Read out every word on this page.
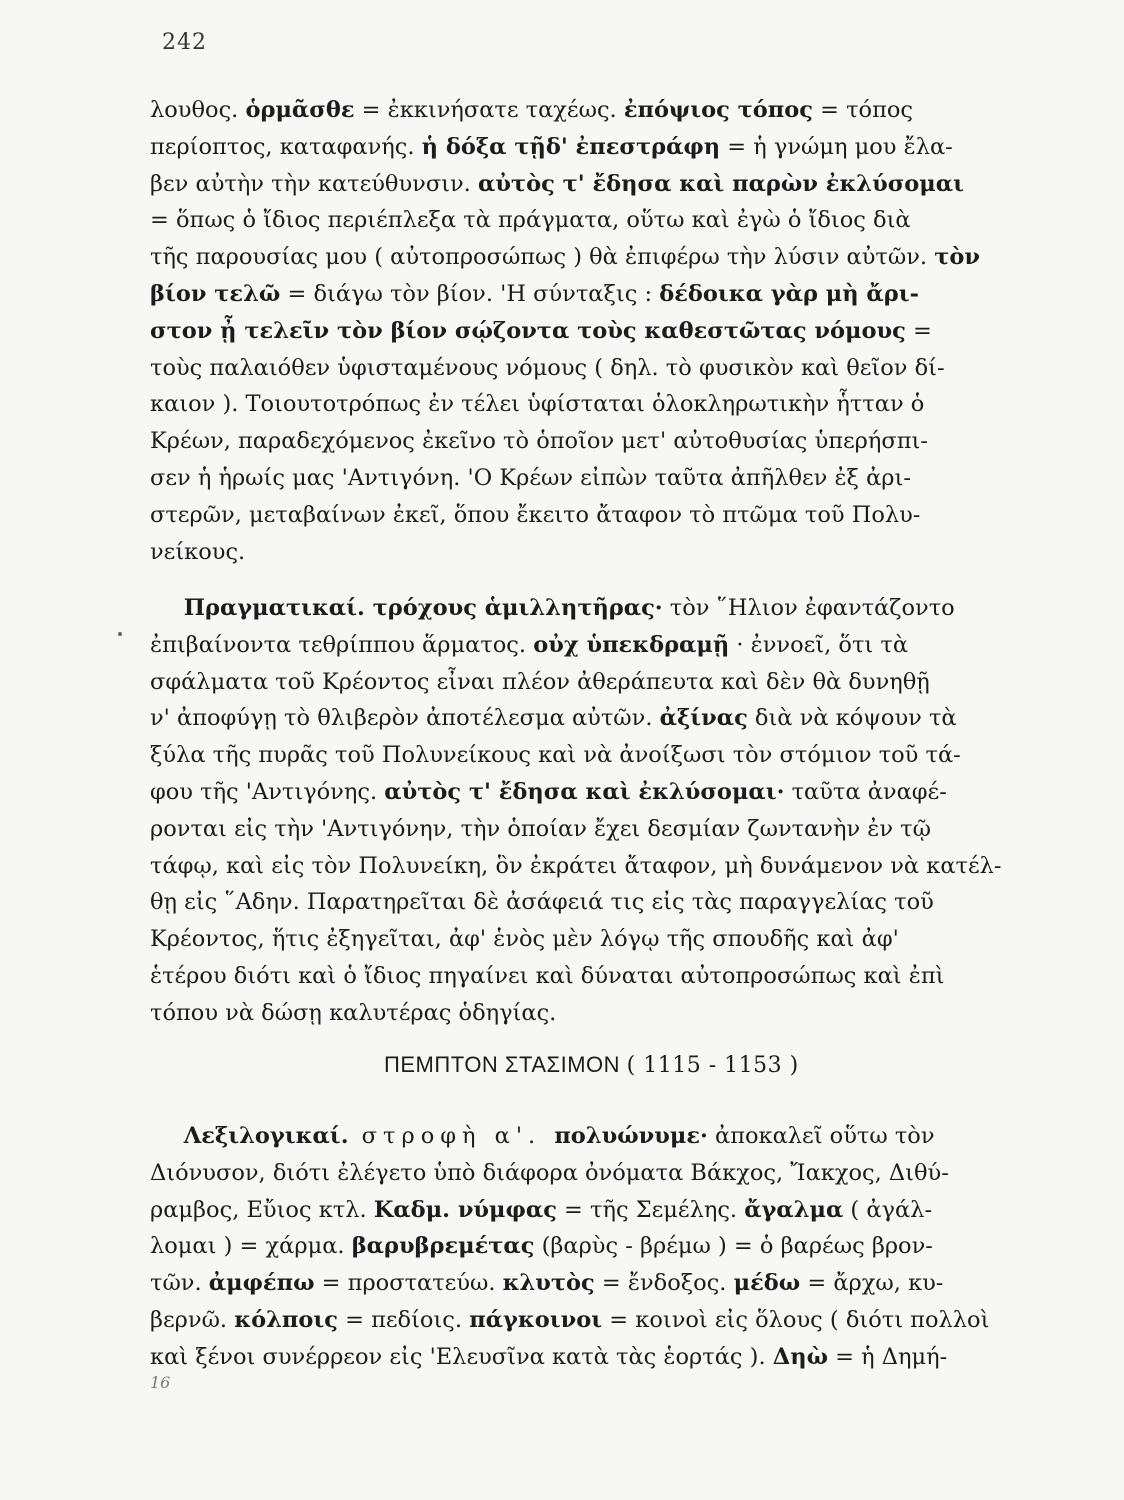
242

λουθος. ὁρμᾶσθε = ἐκκινήσατε ταχέως. ἐπόψιος τόπος = τόπος
περίοπτος, καταφανής. ἡ δόξα τῇδ' ἐπεστράφη = ἡ γνώμη μου ἔλα-
βεν αὐτὴν τὴν κατεύθυνσιν. αὐτὸς τ' ἔδησα καὶ παρὼν ἐκλύσομαι
= ὅπως ὁ ἴδιος περιέπλεξα τὰ πράγματα, οὕτω καὶ ἐγὼ ὁ ἴδιος διὰ
τῆς παρουσίας μου ( αὐτοπροσώπως ) θὰ ἐπιφέρω τὴν λύσιν αὐτῶν. τὸν
βίον τελῶ = διάγω τὸν βίον. 'Η σύνταξις : δέδοικα γὰρ μὴ ἄρι-
στον ᾖ τελεῖν τὸν βίον σῴζοντα τοὺς καθεστῶτας νόμους =
τοὺς παλαιόθεν ὑφισταμένους νόμους ( δηλ. τὸ φυσικὸν καὶ θεῖον δί-
καιον ). Τοιουτοτρόπως ἐν τέλει ὑφίσταται ὁλοκληρωτικὴν ἧτταν ὁ
Κρέων, παραδεχόμενος ἐκεῖνο τὸ ὁποῖον μετ' αὐτοθυσίας ὑπερήσπι-
σεν ἡ ἡρωίς μας 'Αντιγόνη. 'Ο Κρέων εἰπὼν ταῦτα ἀπῆλθεν ἐξ ἀρι-
στερῶν, μεταβαίνων ἐκεῖ, ὅπου ἔκειτο ἄταφον τὸ πτῶμα τοῦ Πολυ-
νείκους.

  Πραγματικαί. τρόχους ἁμιλλητῆρας· τὸν ῞Ηλιον ἐφαντάζοντο
ἐπιβαίνοντα τεθρίππου ἅρματος. οὐχ ὑπεκδραμῇ · ἐννοεῖ, ὅτι τὰ
σφάλματα τοῦ Κρέοντος εἶναι πλέον ἀθεράπευτα καὶ δὲν θὰ δυνηθῇ
ν' ἀποφύγῃ τὸ θλιβερὸν ἀποτέλεσμα αὐτῶν. ἀξίνας διὰ νὰ κόψουν τὰ
ξύλα τῆς πυρᾶς τοῦ Πολυνείκους καὶ νὰ ἀνοίξωσι τὸν στόμιον τοῦ τά-
φου τῆς 'Αντιγόνης. αὐτὸς τ' ἔδησα καὶ ἐκλύσομαι· ταῦτα ἀναφέ-
ρονται εἰς τὴν 'Αντιγόνην, τὴν ὁποίαν ἔχει δεσμίαν ζωντανὴν ἐν τῷ
τάφῳ, καὶ εἰς τὸν Πολυνείκη, ὃν ἐκράτει ἄταφον, μὴ δυνάμενον νὰ κατέλ-
θῃ εἰς ῞Αδην. Παρατηρεῖται δὲ ἀσάφειά τις εἰς τὰς παραγγελίας τοῦ
Κρέοντος, ἥτις ἐξηγεῖται, ἀφ' ἑνὸς μὲν λόγῳ τῆς σπουδῆς καὶ ἀφ'
ἑτέρου διότι καὶ ὁ ἴδιος πηγαίνει καὶ δύναται αὐτοπροσώπως καὶ ἐπὶ
τόπου νὰ δώσῃ καλυτέρας ὁδηγίας.

ΠΕΜΠΤΟΝ ΣΤΑΣΙΜΟΝ ( 1115 - 1153 )

  Λεξιλογικαί. στροφὴ α'. πολυώνυμε· ἀποκαλεῖ οὕτω τὸν
Διόνυσον, διότι ἐλέγετο ὑπὸ διάφορα ὀνόματα Βάκχος, Ἴακχος, Διθύ-
ραμβος, Εὔιος κτλ. Καδμ. νύμφας = τῆς Σεμέλης. ἄγαλμα ( ἀγάλ-
λομαι ) = χάρμα. βαρυβρεμέτας (βαρὺς - βρέμω ) = ὁ βαρέως βρον-
τῶν. ἀμφέπω = προστατεύω. κλυτὸς = ἔνδοξος. μέδω = ἄρχω, κυ-
βερνῶ. κόλποις = πεδίοις. πάγκοινοι = κοινοὶ εἰς ὅλους ( διότι πολλοὶ
καὶ ξένοι συνέρρεον εἰς 'Ελευσῖνα κατὰ τὰς ἑορτάς ). Δηὼ = ἡ Δημή-

16
